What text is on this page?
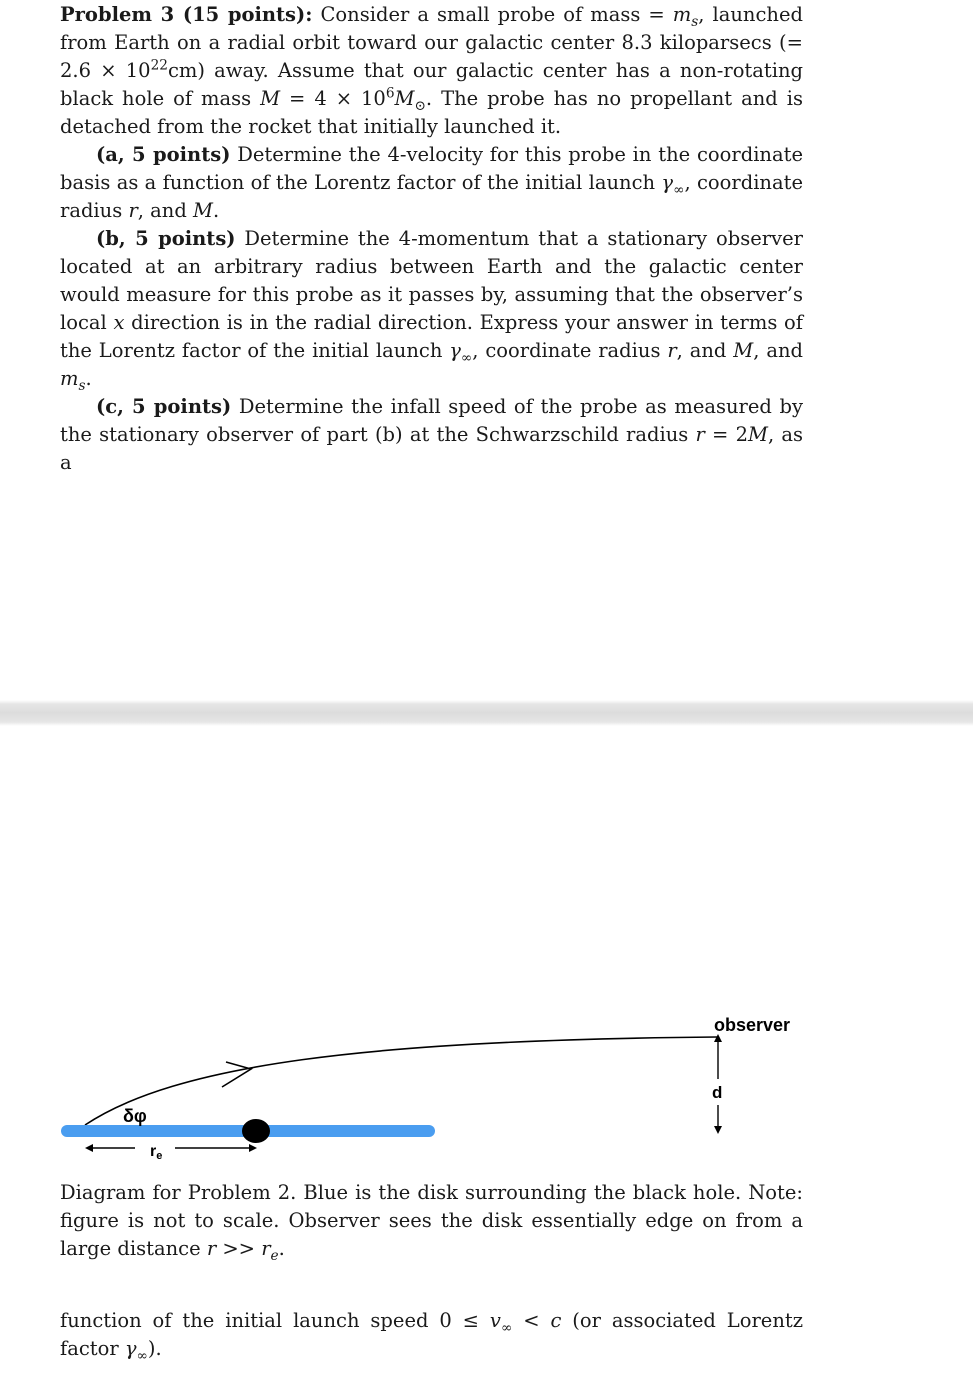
Problem 3 (15 points): Consider a small probe of mass = $m_s$, launched from Earth on a radial orbit toward our galactic center 8.3 kiloparsecs (= $2.6 \times 10^{22}cm$) away. Assume that our galactic center has a non-rotating black hole of mass $M = 4 \times 10^6M_⊙$. The probe has no propellant and is detached from the rocket that initially launched it.

(a, 5 points) Determine the 4-velocity for this probe in the coordinate basis as a function of the Lorentz factor of the initial launch $\gamma_\infty$, coordinate radius r, and M.

(b, 5 points) Determine the 4-momentum that a stationary observer located at an arbitrary radius between Earth and the galactic center would measure for this probe as it passes by, assuming that the observer’s local x direction is in the radial direction. Express your answer in terms of the Lorentz factor of the initial launch $\gamma_\infty$, coordinate radius r, and M, and $m_s$.

(c, 5 points) Determine the infall speed of the probe as measured by the stationary observer of part (b) at the Schwarzschild radius r = 2M, as a

δφ
re
d
observer

Diagram for Problem 2. Blue is the disk surrounding the black hole. Note: figure is not to scale. Observer sees the disk essentially edge on from a large distance $r >> r_e$.

function of the initial launch speed $0 \le v_\infty < c$ (or associated Lorentz factor $\gamma_\infty$).
